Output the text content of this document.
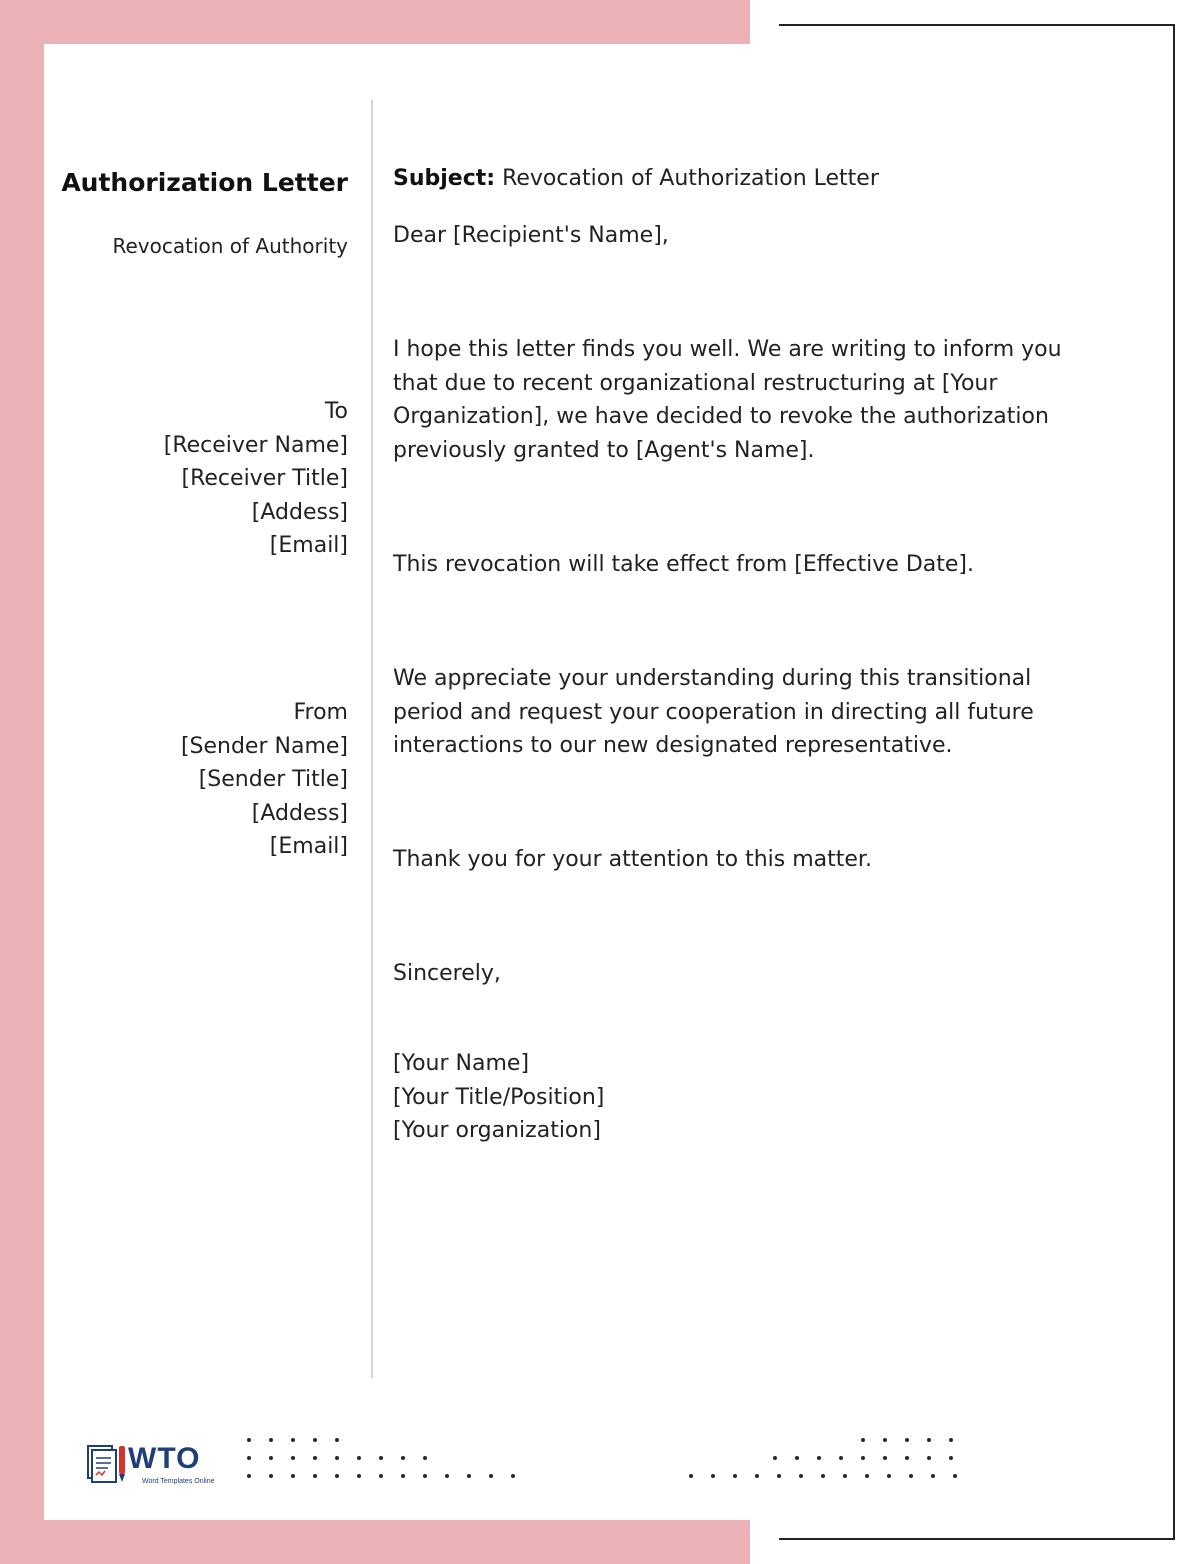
Authorization Letter
Revocation of Authority
To
[Receiver Name]
[Receiver Title]
[Addess]
[Email]
From
[Sender Name]
[Sender Title]
[Addess]
[Email]
Subject: Revocation of Authorization Letter
Dear [Recipient's Name],
I hope this letter finds you well. We are writing to inform you that due to recent organizational restructuring at [Your Organization], we have decided to revoke the authorization previously granted to [Agent's Name].
This revocation will take effect from [Effective Date].
We appreciate your understanding during this transitional period and request your cooperation in directing all future interactions to our new designated representative.
Thank you for your attention to this matter.
Sincerely,
[Your Name]
[Your Title/Position]
[Your organization]
WTO
Word Templates Online
